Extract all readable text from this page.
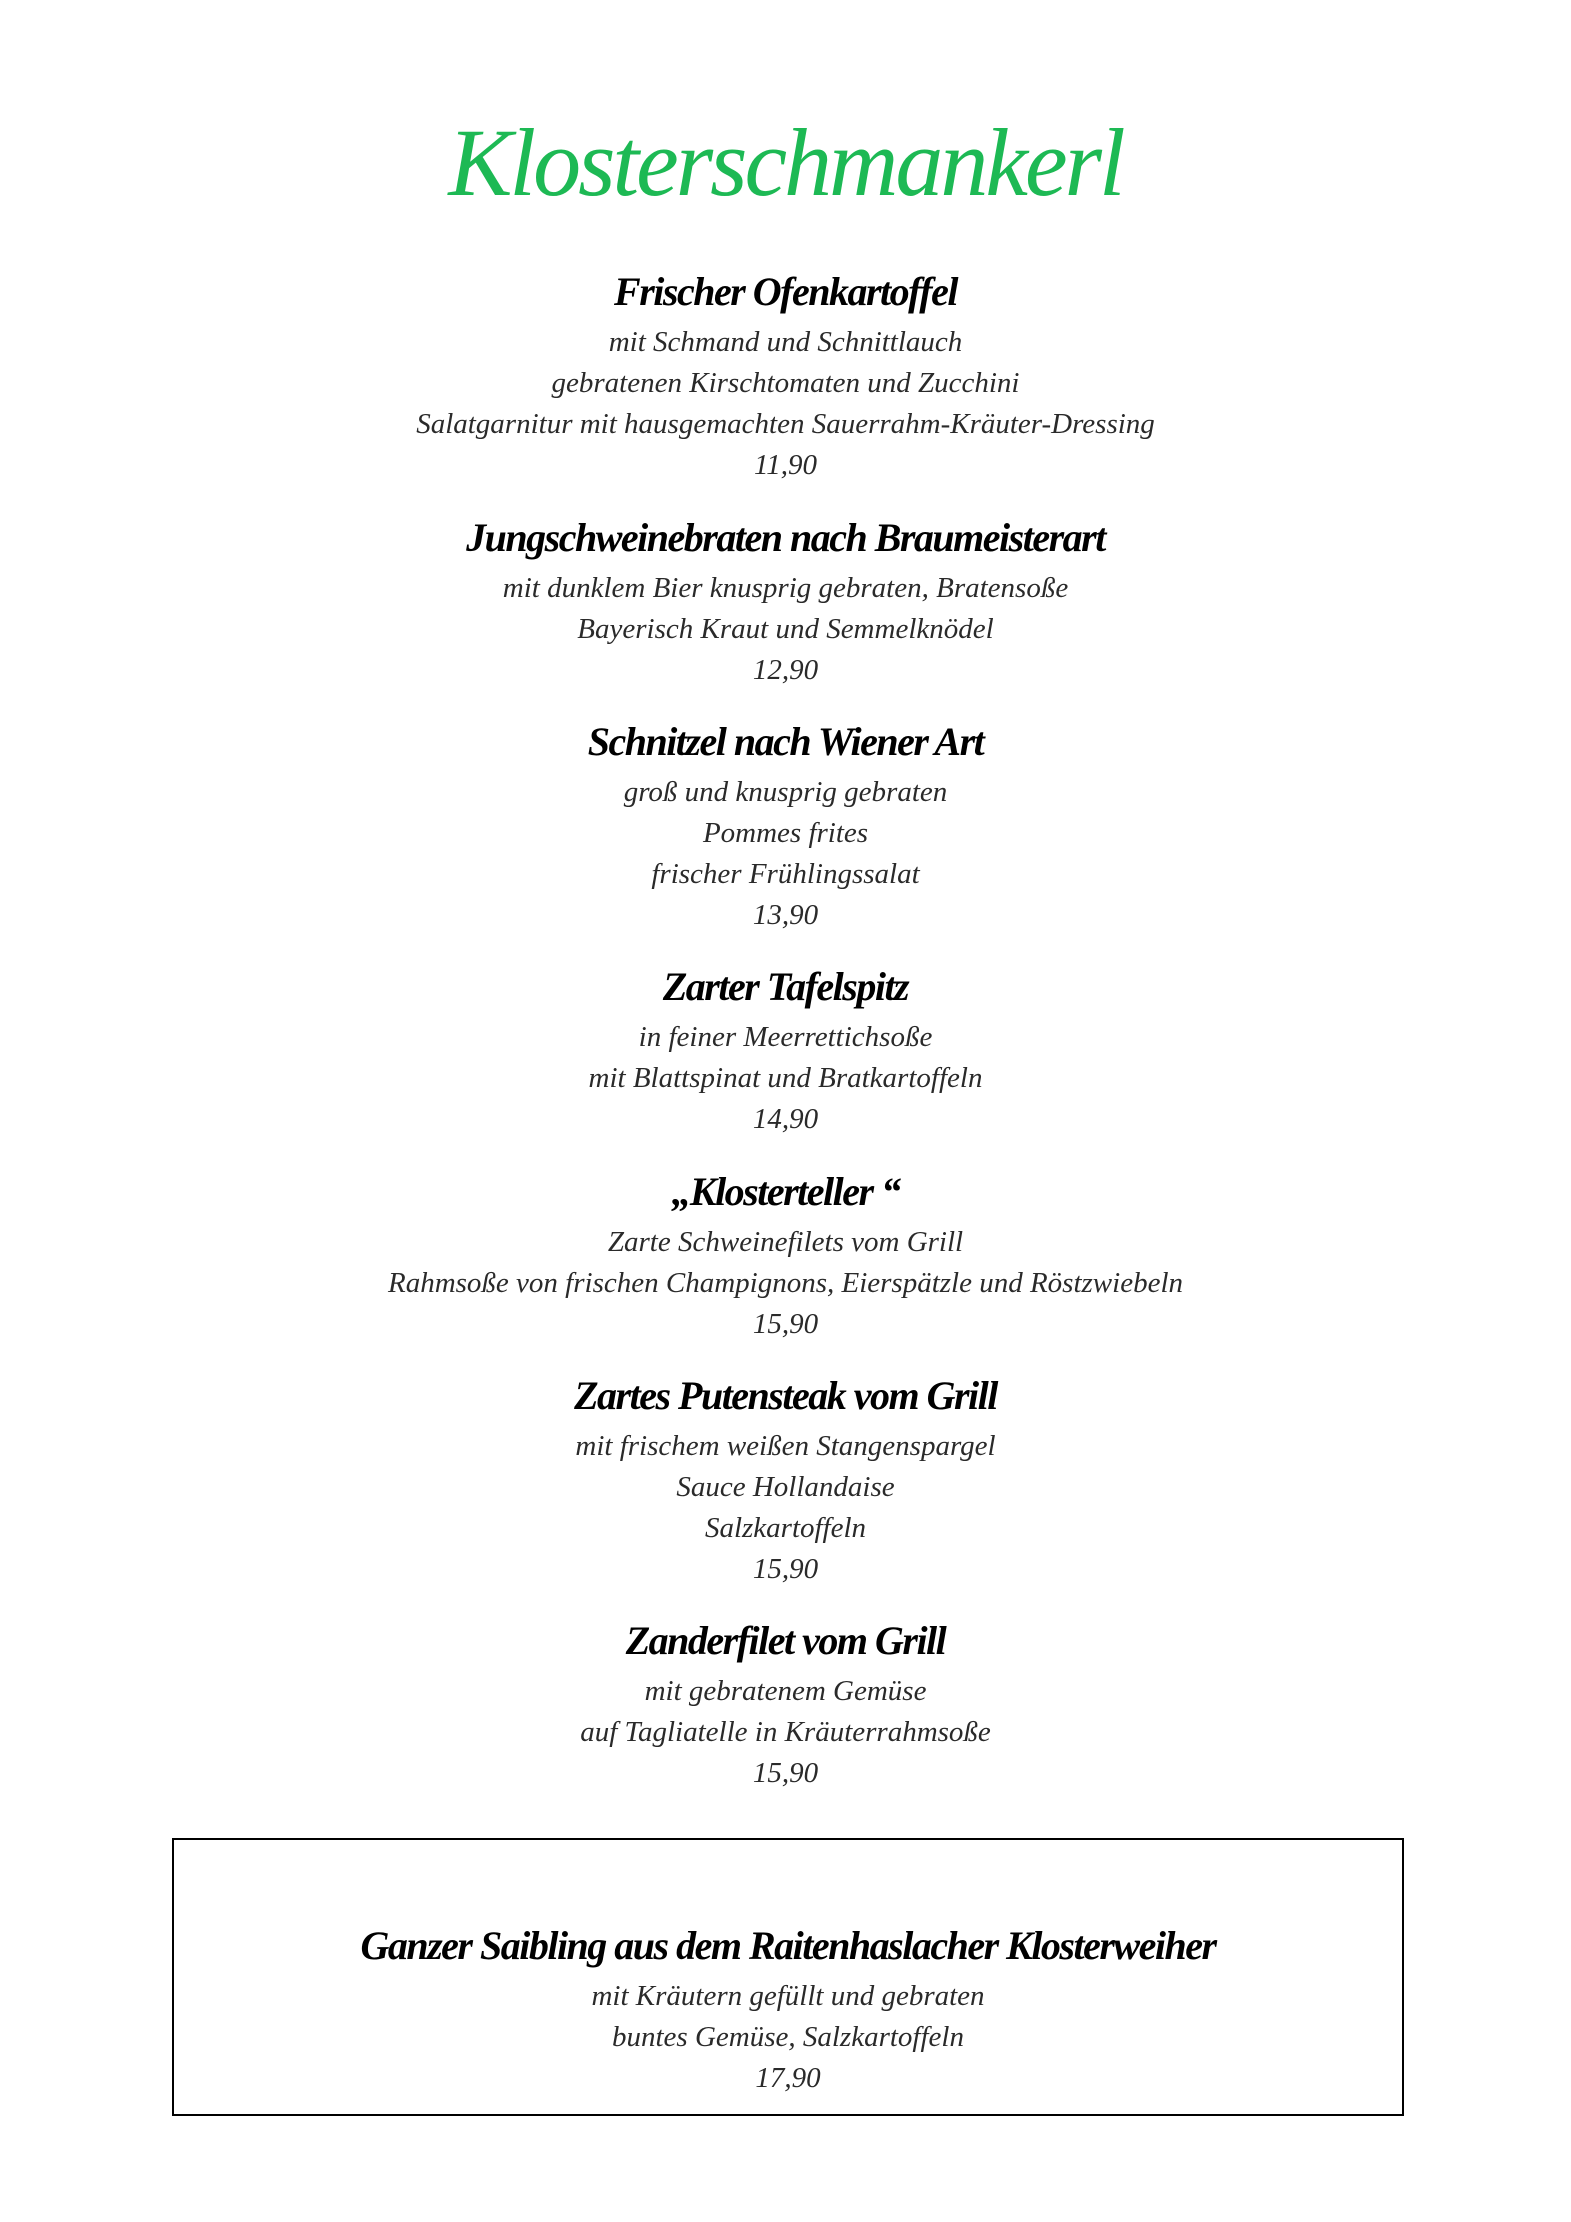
Klosterschmankerl
Frischer Ofenkartoffel
mit Schmand und Schnittlauch
gebratenen Kirschtomaten und Zucchini
Salatgarnitur mit hausgemachten Sauerrahm-Kräuter-Dressing
11,90
Jungschweinebraten nach Braumeisterart
mit dunklem Bier knusprig gebraten, Bratensoße
Bayerisch Kraut und Semmelknödel
12,90
Schnitzel nach Wiener Art
groß und knusprig gebraten
Pommes frites
frischer Frühlingssalat
13,90
Zarter Tafelspitz
in feiner Meerrettichsoße
mit Blattspinat und Bratkartoffeln
14,90
„Klosterteller “
Zarte Schweinefilets vom Grill
Rahmsoße von frischen Champignons, Eierspätzle und Röstzwiebeln
15,90
Zartes Putensteak vom Grill
mit frischem weißen Stangenspargel
Sauce Hollandaise
Salzkartoffeln
15,90
Zanderfilet vom Grill
mit gebratenem Gemüse
auf Tagliatelle in Kräuterrahmsoße
15,90
Ganzer Saibling aus dem Raitenhaslacher Klosterweiher
mit Kräutern gefüllt und gebraten
buntes Gemüse, Salzkartoffeln
17,90
